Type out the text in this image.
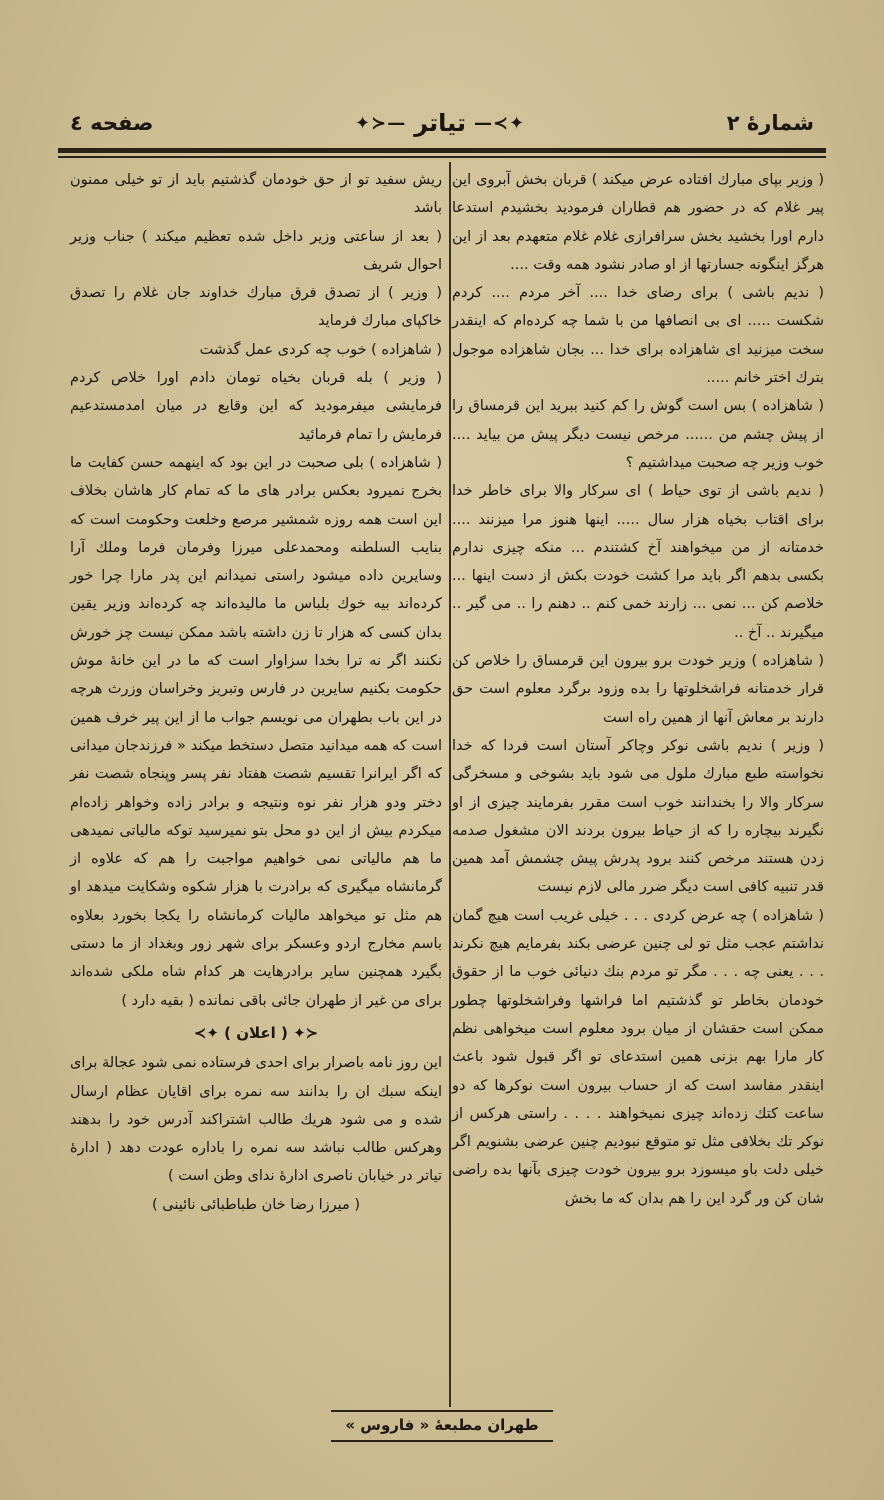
شمارهٔ ۲
—≺✦
تیاتر
✦≻—
صفحه ٤

( وزیر بپای مبارك افتاده عرض میکند ) قربان بخش آبروی این پیر غلام که در حضور هم قطاران فرمودید بخشیدم استدعا دارم اورا بخشید بخش سرافرازی غلام غلام متعهدم بعد از این هرگز اینگونه جسارتها از او صادر نشود همه وقت ....

( ندیم باشی ) برای رضای خدا .... آخر مردم .... کردم شکست ..... ای بی انصافها من با شما چه کرده‌ام که اینقدر سخت میزنید ای شاهزاده برای خدا ... بجان شاهزاده موجول بترك اختر خانم .....

( شاهزاده ) بس است گوش را کم کنید ببرید این قرمساق را از پیش چشم من ...... مرخص نیست دیگر پیش من بیاید .... خوب وزیر چه صحبت میداشتیم ؟

( ندیم باشی از توی حیاط ) ای سرکار والا برای خاطر خدا برای اقتاب بخیاه هزار سال ..... اینها هنوز مرا میزنند .... خدمتانه از من میخواهند آخ کشتندم ... منکه چیزی ندارم بکسی بدهم اگر باید مرا کشت خودت بکش از دست اینها ... خلاصم کن ... نمی ... زارند خمی کنم .. دهنم را .. می گیر .. میگیرند .. آخ ..

( شاهزاده ) وزیر خودت برو بیرون این قرمساق را خلاص کن قرار خدمتانه فراشخلوتها را بده وزود برگرد معلوم است حق دارند بر معاش آنها از همین راه است

( وزیر ) ندیم باشی نوکر وچاکر آستان است فردا که خدا نخواسته طبع مبارك ملول می شود باید بشوخی و مسخرگی سرکار والا را بخندانند خوب است مقرر بفرمایند چیزی از او نگیرند بیچاره را که از حیاط بیرون بردند الان مشغول صدمه زدن هستند مرخص کنند برود پدرش پیش چشمش آمد همین قدر تنبیه کافی است دیگر ضرر مالی لازم نیست

( شاهزاده ) چه عرض کردی . . . خیلی غریب است هیچ گمان نداشتم عجب مثل تو لی چنین عرضی بکند بفرمایم هیچ نکرند . . . یعنی چه . . . مگر تو مردم بنك دنیائی خوب ما از حقوق خودمان بخاطر تو گذشتیم اما فراشها وفراشخلوتها چطور ممکن است حقشان از میان برود معلوم است میخواهی نظم کار مارا بهم بزنی همین استدعای تو اگر قبول شود باعث اینقدر مفاسد است که از حساب بیرون است نوکرها که دو ساعت کتك زده‌اند چیزی نمیخواهند . . . . راستی هرکس از نوکر تك بخلافی مثل تو متوقع نبودیم چنین عرضی بشنویم اگر خیلی دلت باو میسوزد برو بیرون خودت چیزی بآنها بده راضی شان کن ور گرد این را هم بدان که ما بخش

ریش سفید تو از حق خودمان گذشتیم باید از تو خیلی ممنون باشد

( بعد از ساعتی وزیر داخل شده تعظیم میکند ) جناب وزیر احوال شریف

( وزیر ) از تصدق فرق مبارك خداوند جان غلام را تصدق خاکپای مبارك فرماید

( شاهزاده ) خوب چه کردی عمل گذشت

( وزیر ) بله قربان بخیاه تومان دادم اورا خلاص کردم فرمایشی میفرمودید که این وقایع در میان امدمستدعیم فرمایش را تمام فرمائید

( شاهزاده ) بلی صحبت در این بود که اینهمه حسن کفایت ما بخرج نمیرود بعکس برادر های ما که تمام کار هاشان بخلاف این است همه روزه شمشیر مرصع وخلعت وحکومت است که بنایب السلطنه ومحمدعلی میرزا وفرمان فرما وملك آرا وسایرین داده میشود راستی نمیدانم این پدر مارا چرا خور کرده‌اند بیه خوك بلباس ما مالیده‌اند چه کرده‌اند وزیر یقین بدان کسی که هزار تا زن داشته باشد ممکن نیست چز خورش نکنند اگر نه ترا بخدا سزاوار است که ما در این خانهٔ موش حکومت بکنیم سایرین در فارس وتبریز وخراسان وزرث هرچه در این باب بطهران می نویسم جواب ما از این پیر خرف همین است که همه میدانید متصل دستخط میکند « فرزندجان میدانی که اگر ایرانرا تقسیم شصت هفتاد نفر پسر وپنجاه شصت نفر دختر ودو هزار نفر نوه ونتیجه و برادر زاده وخواهر زاده‌ام میکردم بیش از این دو محل بتو نمیرسید توکه مالیاتی نمیدهی ما هم مالیاتی نمی خواهیم مواجبت را هم که علاوه از گرمانشاه میگیری که برادرت با هزار شکوه وشکایت میدهد او هم مثل تو میخواهد مالیات کرمانشاه را یکجا بخورد بعلاوه باسم مخارج اردو وعسکر برای شهر زور وبغداد از ما دستی بگیرد همچنین سایر برادرهایت هر کدام شاه ملکی شده‌اند برای من غیر از طهران جائی باقی نمانده ( بقیه دارد )

≺✦ ( اعلان ) ✦≻

این روز نامه باصرار برای احدی فرستاده نمی شود عجالة برای اینکه سبك ان را بدانند سه نمره برای اقایان عظام ارسال شده و می شود هریك طالب اشتراکند آدرس خود را بدهند وهرکس طالب نباشد سه نمره را باداره عودت دهد ( ادارهٔ تیاتر در خیابان ناصری ادارهٔ ندای وطن است )

( میرزا رضا خان طباطبائی نائینی )

طهران مطبعهٔ « فاروس »
